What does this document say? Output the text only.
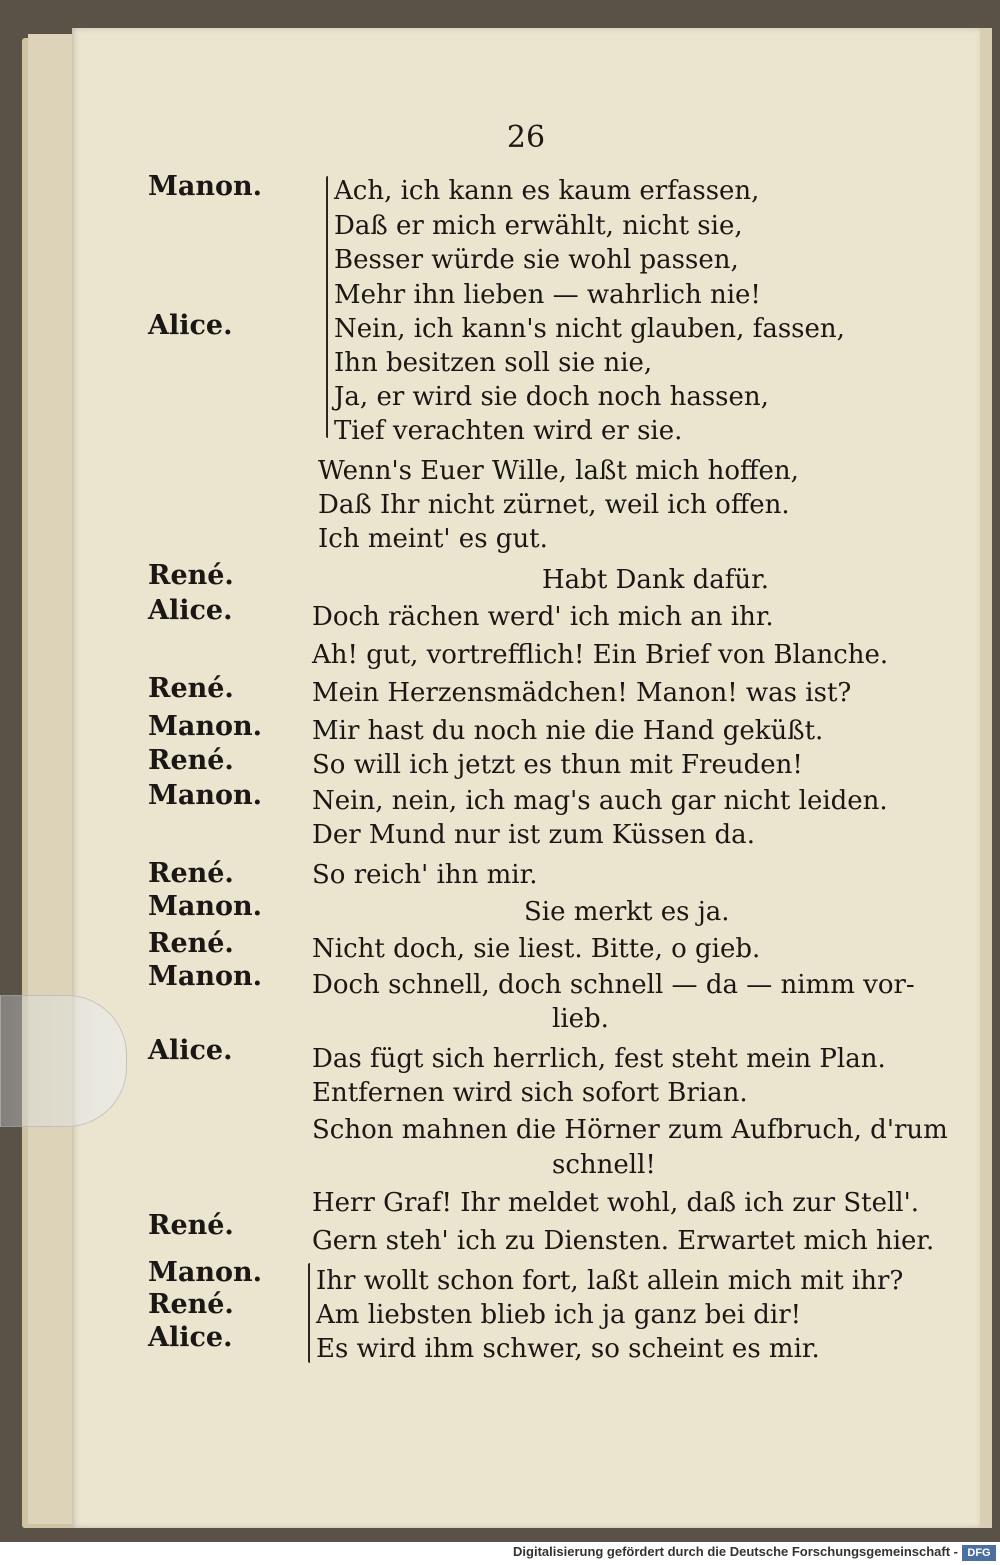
26
Manon.
Alice.
René.
Alice.
René.
Manon.
René.
Manon.
René.
Manon.
René.
Manon.
Alice.
René.
Manon.
René.
Alice.
Ach, ich kann es kaum erfassen,
Daß er mich erwählt, nicht sie,
Besser würde sie wohl passen,
Mehr ihn lieben — wahrlich nie!
Nein, ich kann's nicht glauben, fassen,
Ihn besitzen soll sie nie,
Ja, er wird sie doch noch hassen,
Tief verachten wird er sie.
Wenn's Euer Wille, laßt mich hoffen,
Daß Ihr nicht zürnet, weil ich offen.
Ich meint' es gut.
Habt Dank dafür.
Doch rächen werd' ich mich an ihr.
Ah! gut, vortrefflich! Ein Brief von Blanche.
Mein Herzensmädchen! Manon! was ist?
Mir hast du noch nie die Hand geküßt.
So will ich jetzt es thun mit Freuden!
Nein, nein, ich mag's auch gar nicht leiden.
Der Mund nur ist zum Küssen da.
So reich' ihn mir.
Sie merkt es ja.
Nicht doch, sie liest. Bitte, o gieb.
Doch schnell, doch schnell — da — nimm vor-
lieb.
Das fügt sich herrlich, fest steht mein Plan.
Entfernen wird sich sofort Brian.
Schon mahnen die Hörner zum Aufbruch, d'rum
schnell!
Herr Graf! Ihr meldet wohl, daß ich zur Stell'.
Gern steh' ich zu Diensten. Erwartet mich hier.
Ihr wollt schon fort, laßt allein mich mit ihr?
Am liebsten blieb ich ja ganz bei dir!
Es wird ihm schwer, so scheint es mir.
Digitalisierung gefördert durch die Deutsche Forschungsgemeinschaft - DFG
